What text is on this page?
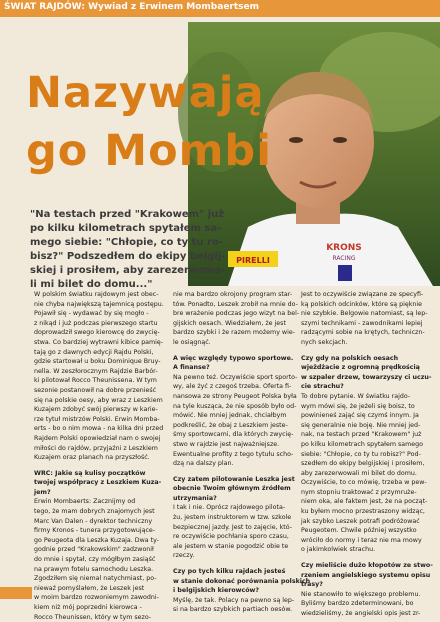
ŚWIAT RAJDÓW: Wywiad z Erwinem Mombaertsem
PIRELLI
KRONS
RACING
Nazywają
go Mombi
"Na testach przed "Krakowem" już
po kilku kilometrach spytałem sa-
mego siebie: "Chłopie, co ty tu ro-
bisz?" Podszedłem do ekipy belgij-
skiej i prosiłem, aby zarezerwowa-
li mi bilet do domu..."
W polskim światku rajdowym jest obec-
nie chyba największą tajemnicą postępu.
Pojawił się - wydawać by się mogło -
z nikąd i już podczas pierwszego startu
doprowadził swego kierowcę do zwycię-
stwa. Co bardziej wytrawni kibice pamię-
tają go z dawnych edycji Rajdu Polski,
gdzie startował u boku Dominique Bruy-
nella. W zeszłorocznym Rajdzie Barbór-
ki pilotował Rocco Theunissena. W tym
sezonie postanowił na dobre przenieść
się na polskie oesy, aby wraz z Leszkiem
Kuzajem zdobyć swój pierwszy w karie-
rze tytuł mistrzów Polski. Erwin Momba-
erts - bo o nim mowa - na kilka dni przed
Rajdem Polski opowiedział nam o swojej
miłości do rajdów, przyjaźni z Leszkiem
Kuzajem oraz planach na przyszłość.
WRC: Jakie są kulisy początków
twojej współpracy z Leszkiem Kuza-
jem?
Erwin Mombaerts: Zacznijmy od
tego, że mam dobrych znajomych jest
Marc Van Dalen - dyrektor techniczny
firmy Kronos - tunera przygotowujące-
go Peugeota dla Leszka Kuzaja. Dwa ty-
godnie przed "Krakowskim" zadzwonił
do mnie i spytał, czy mógłbym zasiąść
na prawym fotelu samochodu Leszka.
Zgodziłem się niemal natychmiast, po-
niewaź pomyślałem, że Leszek jest
w moim bardzo rozwoniemym zawodni-
kiem niż mój poprzedni kierowca -
Rocco Theunissen, który w tym sezo-
nie ma bardzo okrojony program star-
tów. Ponadto, Leszek zrobił na mnie do-
bre wrażenie podczas jego wizyt na bel-
gijskich oesach. Wiedziałem, że jest
bardzo szybki i że razem możemy wie-
le osiągnąć.
A więc względy typowo sportowe.
A finanse?
Na pewno też. Oczywiście sport sporto-
wy, ale żyć z czegoś trzeba. Oferta fi-
nansowa ze strony Peugeot Polska była
na tyle kusząca, że nie sposób było od-
mówić. Nie mniej jednak, chciałbym
podkreślić, że obaj z Leszkiem jeste-
śmy sportowcami, dla których zwycię-
stwo w rajdzie jest najważniejsze.
Ewentualne profity z tego tytułu scho-
dzą na dalszy plan.
Czy zatem pilotowanie Leszka jest
obecnie Twoim głównym źródłem
utrzymania?
I tak i nie. Oprócz rajdowego pilota-
żu, jestem instruktorem w tzw. szkole
bezpiecznej jazdy. Jest to zajęcie, któ-
re oczywiście pochłania sporo czasu,
ale jestem w stanie pogodzić obie te
rzeczy.
Czy po tych kilku rajdach jesteś
w stanie dokonać porównania polskich
i belgijskich kierowców?
Myślę, że tak. Polacy na pewno są lep-
si na bardzo szybkich partiach oesów.
Jest to oczywiście związane ze specyfi-
ką polskich odcinków, które są pięknie
nie szybkie. Belgowie natomiast, są lep-
szymi technikami - zawodnikami lepiej
radzącymi sobie na krętych, techniczn-
nych sekcjach.
Czy gdy na polskich oesach
wjeżdżacie z ogromną prędkością
w szpaler drzew, towarzyszy ci uczu-
cie strachu?
To dobre pytanie. W światku rajdo-
wym mówi się, że jeżeli się boisz, to
powinieneś zająć się czymś innym. Ja
się generalnie nie boję. Nie mniej jed-
nak, na testach przed "Krakowem" już
po kilku kilometrach spytałem samego
siebie: "Chłopie, co ty tu robisz?" Pod-
szedłem do ekipy belgijskiej i prosiłem,
aby zarezerwowali mi bilet do domu.
Oczywiście, to co mówię, trzeba w pew-
nym stopniu traktować z przymruże-
niem oka, ale faktem jest, że na począt-
ku byłem mocno przestraszony widząc,
jak szybko Leszek potrafi podróżować
Peugeotem. Chwile później wszystko
wróciło do normy i teraz nie ma mowy
o jakimkolwiek strachu.
Czy mieliście dużo kłopotów ze stwo-
rzeniem angielskiego systemu opisu
trasy?
Nie stanowiło to większego problemu.
Byliśmy bardzo zdeterminowani, bo
wiedzieliśmy, że angielski opis jest zr-
